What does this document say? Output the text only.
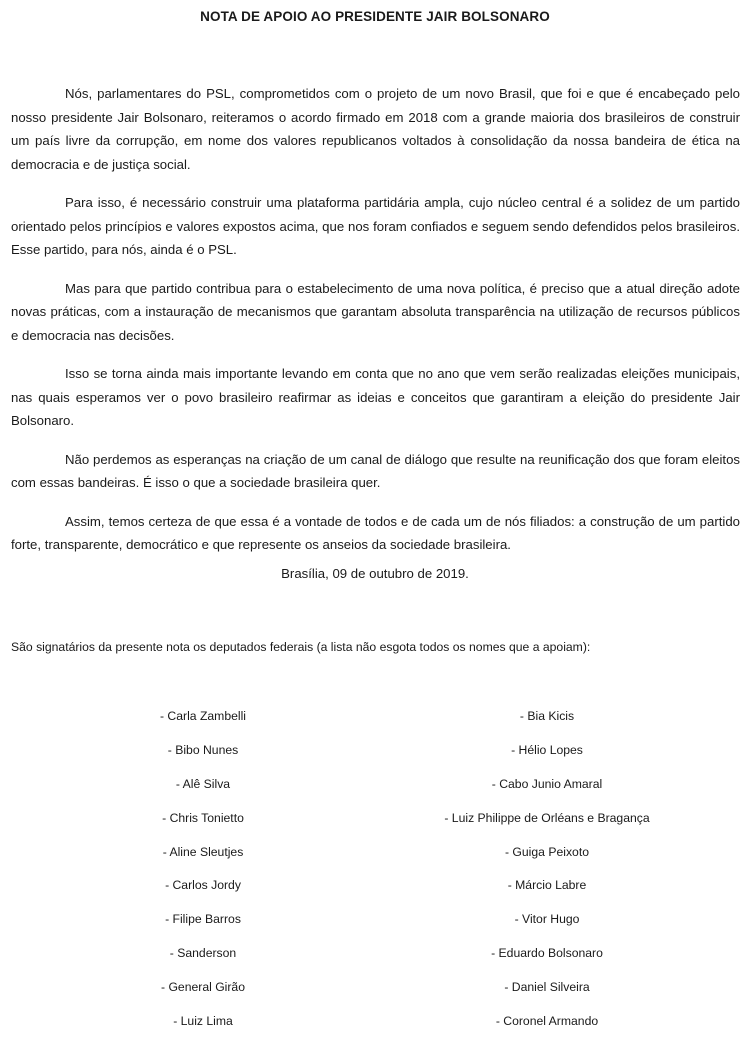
NOTA DE APOIO AO PRESIDENTE JAIR BOLSONARO

Nós, parlamentares do PSL, comprometidos com o projeto de um novo Brasil, que foi e que é encabeçado pelo nosso presidente Jair Bolsonaro, reiteramos o acordo firmado em 2018 com a grande maioria dos brasileiros de construir um país livre da corrupção, em nome dos valores republicanos voltados à consolidação da nossa bandeira de ética na democracia e de justiça social.

Para isso, é necessário construir uma plataforma partidária ampla, cujo núcleo central é a solidez de um partido orientado pelos princípios e valores expostos acima, que nos foram confiados e seguem sendo defendidos pelos brasileiros. Esse partido, para nós, ainda é o PSL.

Mas para que partido contribua para o estabelecimento de uma nova política, é preciso que a atual direção adote novas práticas, com a instauração de mecanismos que garantam absoluta transparência na utilização de recursos públicos e democracia nas decisões.

Isso se torna ainda mais importante levando em conta que no ano que vem serão realizadas eleições municipais, nas quais esperamos ver o povo brasileiro reafirmar as ideias e conceitos que garantiram a eleição do presidente Jair Bolsonaro.

Não perdemos as esperanças na criação de um canal de diálogo que resulte na reunificação dos que foram eleitos com essas bandeiras. É isso o que a sociedade brasileira quer.

Assim, temos certeza de que essa é a vontade de todos e de cada um de nós filiados: a construção de um partido forte, transparente, democrático e que represente os anseios da sociedade brasileira.

Brasília, 09 de outubro de 2019.
São signatários da presente nota os deputados federais (a lista não esgota todos os nomes que a apoiam):
- Carla Zambelli
- Bibo Nunes
- Alê Silva
- Chris Tonietto
- Aline Sleutjes
- Carlos Jordy
- Filipe Barros
- Sanderson
- General Girão
- Luiz Lima
- Bia Kicis
- Hélio Lopes
- Cabo Junio Amaral
- Luiz Philippe de Orléans e Bragança
- Guiga Peixoto
- Márcio Labre
- Vitor Hugo
- Eduardo Bolsonaro
- Daniel Silveira
- Coronel Armando
